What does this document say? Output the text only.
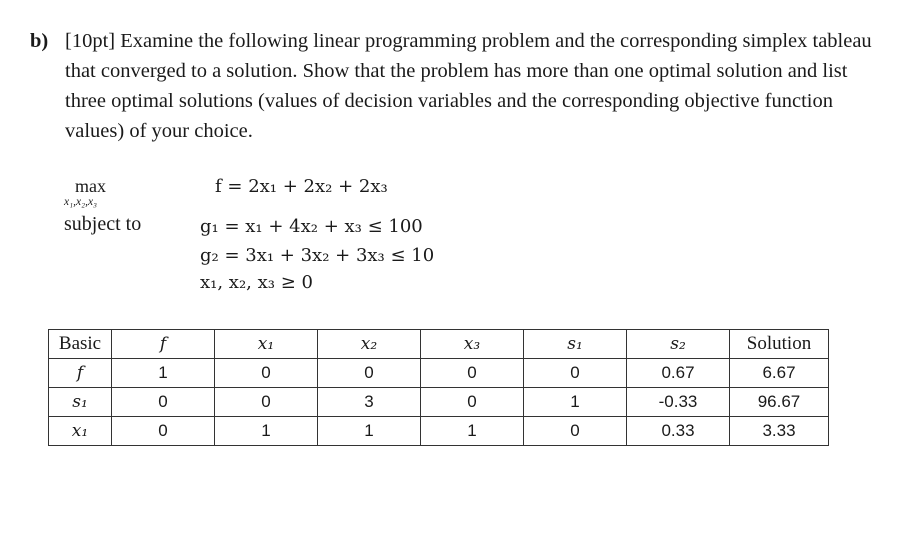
b) [10pt] Examine the following linear programming problem and the corresponding simplex tableau that converged to a solution. Show that the problem has more than one optimal solution and list three optimal solutions (values of decision variables and the corresponding objective function values) of your choice.
max
x₁,x₂,x₃
subject to
f = 2x₁ + 2x₂ + 2x₃
g₁ = x₁ + 4x₂ + x₃ ≤ 100
g₂ = 3x₁ + 3x₂ + 3x₃ ≤ 10
x₁, x₂, x₃ ≥ 0
Basic	f	x₁	x₂	x₃	s₁	s₂	Solution
f	1	0	0	0	0	0.67	6.67
s₁	0	0	3	0	1	-0.33	96.67
x₁	0	1	1	1	0	0.33	3.33
